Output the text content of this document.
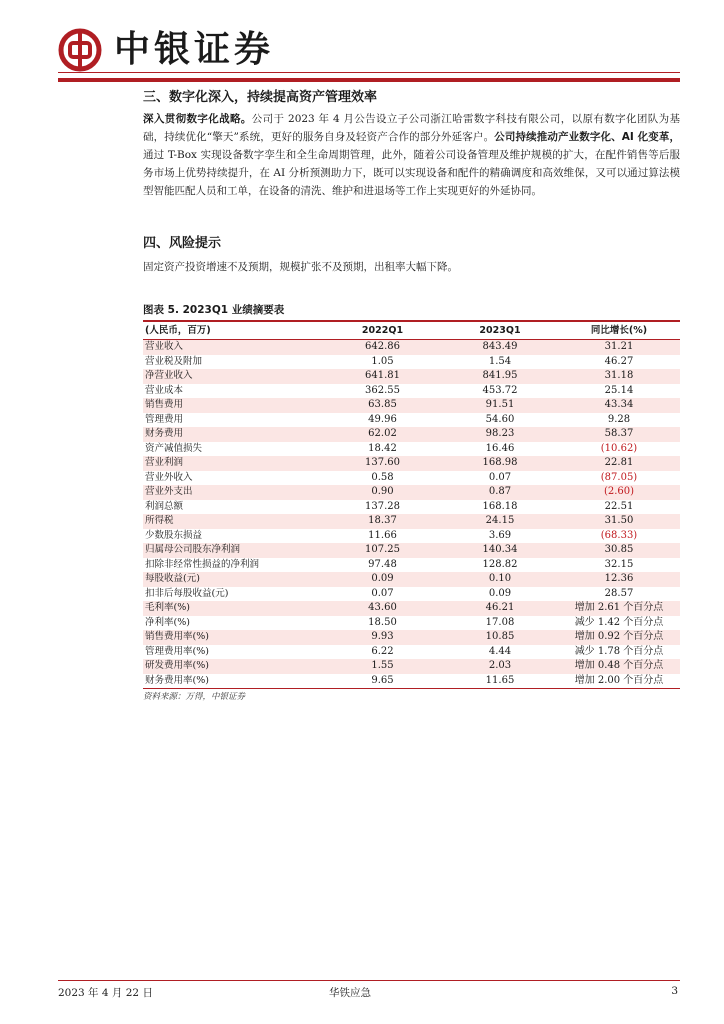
中银证券
三、数字化深入，持续提高资产管理效率
深入贯彻数字化战略。公司于 2023 年 4 月公告设立子公司浙江哈雷数字科技有限公司，以原有数字化团队为基础，持续优化“擎天”系统，更好的服务自身及轻资产合作的部分外延客户。公司持续推动产业数字化、AI 化变革，通过 T-Box 实现设备数字孪生和全生命周期管理，此外，随着公司设备管理及维护规模的扩大，在配件销售等后服务市场上优势持续提升，在 AI 分析预测助力下，既可以实现设备和配件的精确调度和高效维保，又可以通过算法模型智能匹配人员和工单，在设备的清洗、维护和进退场等工作上实现更好的外延协同。
四、风险提示
固定资产投资增速不及预期，规模扩张不及预期，出租率大幅下降。
图表 5. 2023Q1 业绩摘要表
(人民币，百万)	2022Q1	2023Q1	同比增长(%)
营业收入	642.86	843.49	31.21
营业税及附加	1.05	1.54	46.27
净营业收入	641.81	841.95	31.18
营业成本	362.55	453.72	25.14
销售费用	63.85	91.51	43.34
管理费用	49.96	54.60	9.28
财务费用	62.02	98.23	58.37
资产减值损失	18.42	16.46	(10.62)
营业利润	137.60	168.98	22.81
营业外收入	0.58	0.07	(87.05)
营业外支出	0.90	0.87	(2.60)
利润总额	137.28	168.18	22.51
所得税	18.37	24.15	31.50
少数股东损益	11.66	3.69	(68.33)
归属母公司股东净利润	107.25	140.34	30.85
扣除非经常性损益的净利润	97.48	128.82	32.15
每股收益(元)	0.09	0.10	12.36
扣非后每股收益(元)	0.07	0.09	28.57
毛利率(%)	43.60	46.21	增加 2.61 个百分点
净利率(%)	18.50	17.08	减少 1.42 个百分点
销售费用率(%)	9.93	10.85	增加 0.92 个百分点
管理费用率(%)	6.22	4.44	减少 1.78 个百分点
研发费用率(%)	1.55	2.03	增加 0.48 个百分点
财务费用率(%)	9.65	11.65	增加 2.00 个百分点
资料来源：万得，中银证券
2023 年 4 月 22 日	华铁应急	3
